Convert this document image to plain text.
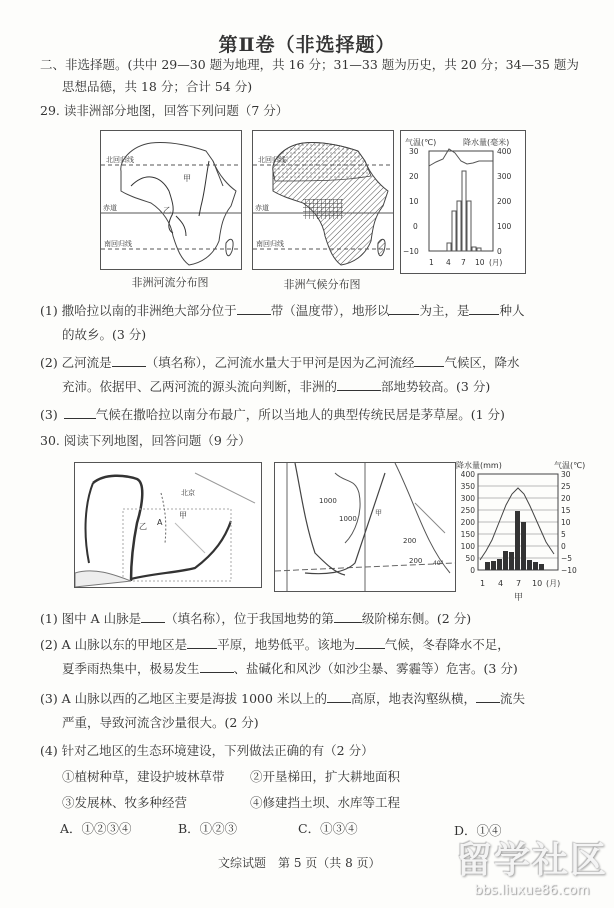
第Ⅱ卷（非选择题）
二、非选择题。(共中 29—30 题为地理，共 16 分；31—33 题为历史，共 20 分；34—35 题为
思想品德，共 18 分；合计 54 分)
29. 读非洲部分地图，回答下列问题（7 分）
北回归线
赤道
南回归线
甲
乙
非洲河流分布图
北回归线
赤道
南回归线
非洲气候分布图
气温(℃)	降水量(毫米)
30
20
10
0
−10
400
300
200
100
0
1 4 7 10 (月)
(1) 撒哈拉以南的非洲绝大部分位于	带（温度带），地形以 为主，是 种人
的故乡。(3 分)
(2) 乙河流是	（填名称），乙河流水量大于甲河是因为乙河流经 气候区，降水
充沛。依据甲、乙两河流的源头流向判断，非洲的	部地势较高。(3 分)
(3)	气候在撒哈拉以南分布最广，所以当地人的典型传统民居是茅草屋。(1 分)
30. 阅读下列地图，回答问题（9 分）
北京
A
甲
乙
1000
1000
200
200
甲
40°
降水量(mm)	气温(℃)
400
350
300
250
200
150
100
50
0
30
25
20
15
10
5
0
−5
−10
1 4 7 10 (月)
甲
(1) 图中 A 山脉是 （填名称），位于我国地势的第 级阶梯东侧。(2 分)
(2) A 山脉以东的甲地区是 平原，地势低平。该地为 气候，冬春降水不足，
夏季雨热集中，极易发生	、盐碱化和风沙（如沙尘暴、雾霾等）危害。(3 分)
(3) A 山脉以西的乙地区主要是海拔 1000 米以上的 高原，地表沟壑纵横， 流失
严重，导致河流含沙量很大。(2 分)
(4) 针对乙地区的生态环境建设，下列做法正确的有（2 分）
①植树种草，建设护坡林草带 ②开垦梯田，扩大耕地面积
③发展林、牧多种经营	④修建挡土坝、水库等工程
A．①②③④	B．①②③	C．①③④	D．①④
文综试题　第 5 页（共 8 页） 留学社区
bbs.liuxue86.com
